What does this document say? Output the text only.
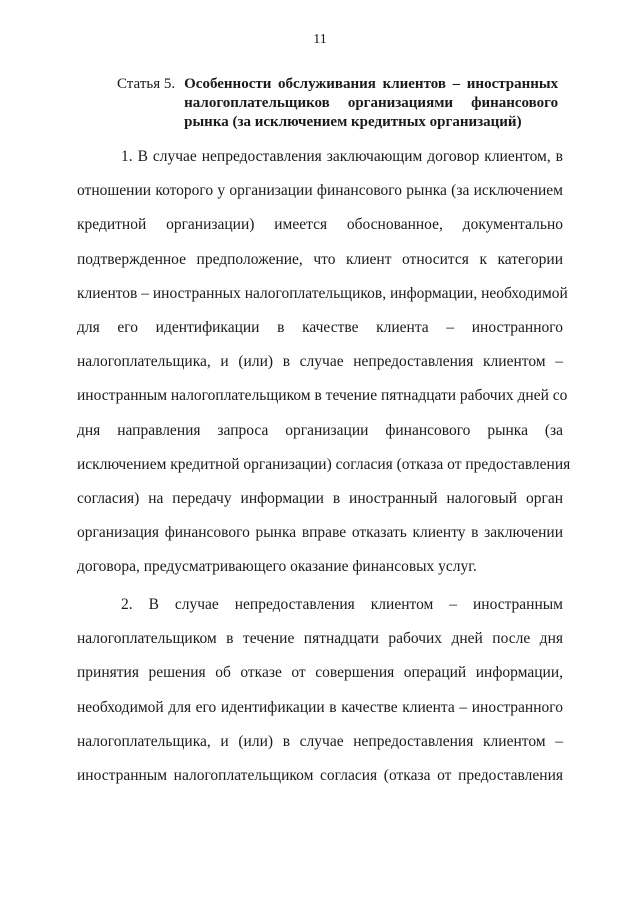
11
Статья 5. Особенности обслуживания клиентов – иностранных
налогоплательщиков организациями финансового
рынка (за исключением кредитных организаций)
1. В случае непредоставления заключающим договор клиентом, в
отношении которого у организации финансового рынка (за исключением
кредитной организации) имеется обоснованное, документально
подтвержденное предположение, что клиент относится к категории
клиентов – иностранных налогоплательщиков, информации, необходимой
для его идентификации в качестве клиента – иностранного
налогоплательщика, и (или) в случае непредоставления клиентом –
иностранным налогоплательщиком в течение пятнадцати рабочих дней со
дня направления запроса организации финансового рынка (за
исключением кредитной организации) согласия (отказа от предоставления
согласия) на передачу информации в иностранный налоговый орган
организация финансового рынка вправе отказать клиенту в заключении
договора, предусматривающего оказание финансовых услуг.
2. В случае непредоставления клиентом – иностранным
налогоплательщиком в течение пятнадцати рабочих дней после дня
принятия решения об отказе от совершения операций информации,
необходимой для его идентификации в качестве клиента – иностранного
налогоплательщика, и (или) в случае непредоставления клиентом –
иностранным налогоплательщиком согласия (отказа от предоставления
